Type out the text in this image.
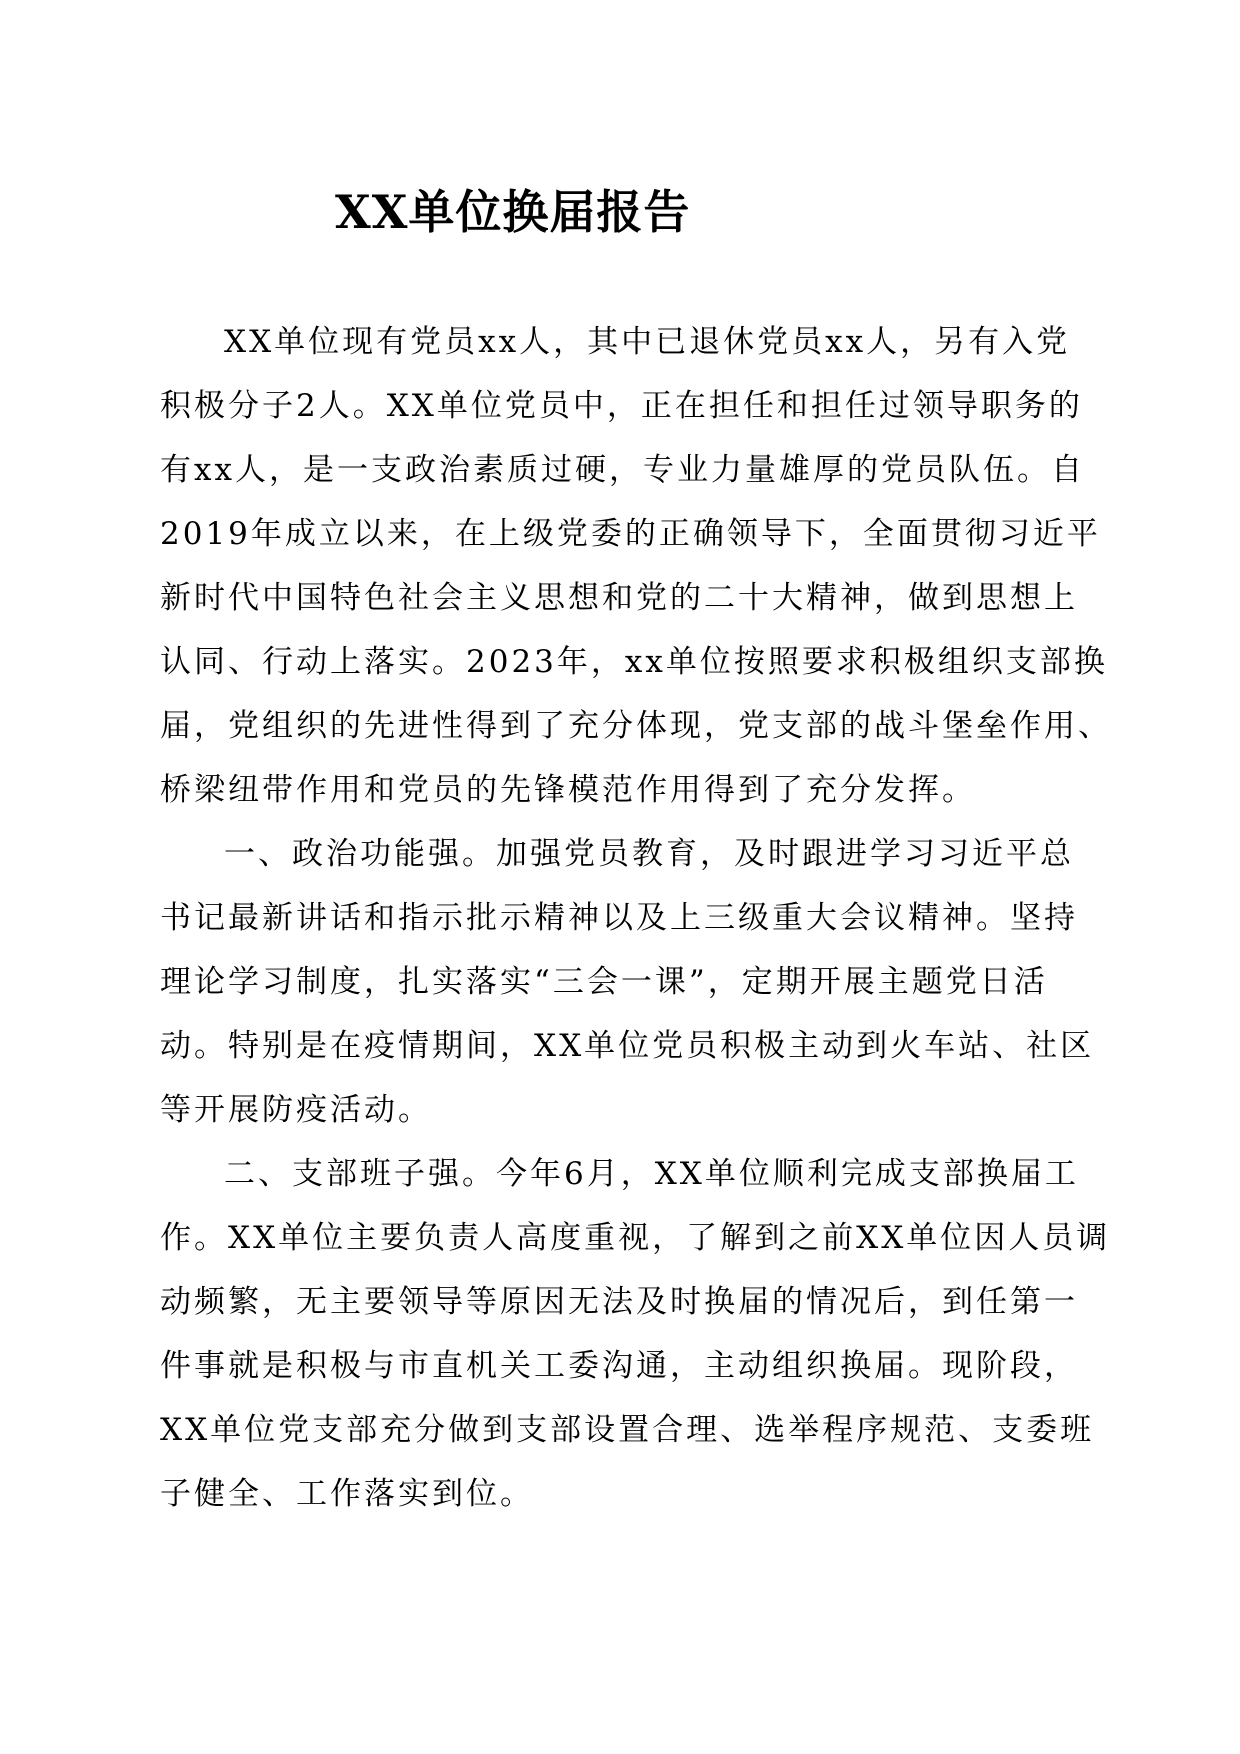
XX单位换届报告

XX单位现有党员xx人，其中已退休党员xx人，另有入党
积极分子2人。XX单位党员中，正在担任和担任过领导职务的
有xx人，是一支政治素质过硬，专业力量雄厚的党员队伍。自
2019年成立以来，在上级党委的正确领导下，全面贯彻习近平
新时代中国特色社会主义思想和党的二十大精神，做到思想上
认同、行动上落实。2023年，xx单位按照要求积极组织支部换
届，党组织的先进性得到了充分体现，党支部的战斗堡垒作用、
桥梁纽带作用和党员的先锋模范作用得到了充分发挥。

一、政治功能强。加强党员教育，及时跟进学习习近平总
书记最新讲话和指示批示精神以及上三级重大会议精神。坚持
理论学习制度，扎实落实“三会一课”，定期开展主题党日活
动。特别是在疫情期间，XX单位党员积极主动到火车站、社区
等开展防疫活动。

二、支部班子强。今年6月，XX单位顺利完成支部换届工
作。XX单位主要负责人高度重视，了解到之前XX单位因人员调
动频繁，无主要领导等原因无法及时换届的情况后，到任第一
件事就是积极与市直机关工委沟通，主动组织换届。现阶段，
XX单位党支部充分做到支部设置合理、选举程序规范、支委班
子健全、工作落实到位。
